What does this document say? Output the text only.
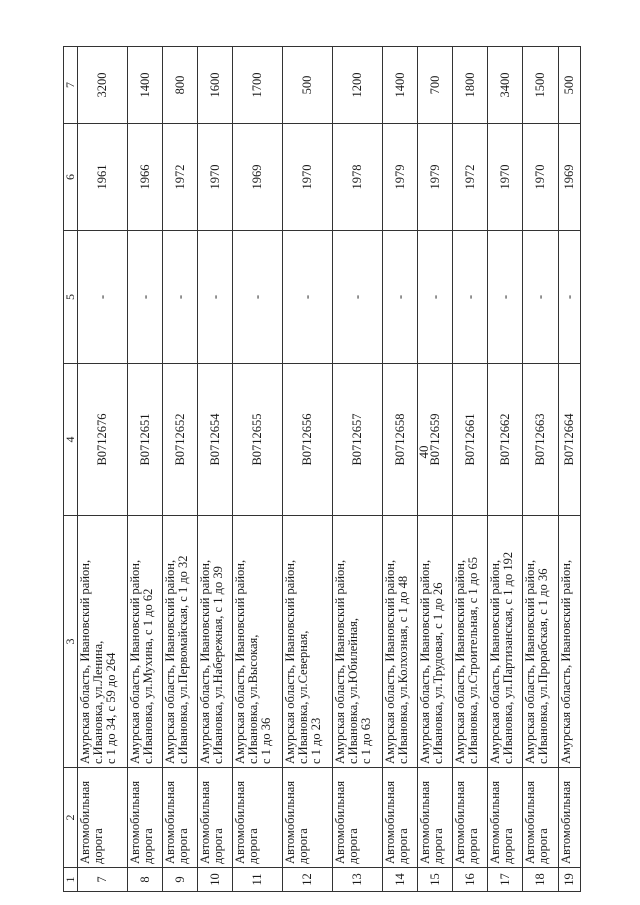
40
1	2	3	4	5	6	7
7	Автомобильная дорога	Амурская область, Ивановский район,
с.Ивановка, ул.Ленина,
с 1 до 34, с 59 до 264	В0712676	-	1961	3200
8	Автомобильная дорога	Амурская область, Ивановский район,
с.Ивановка, ул.Мухина, с 1 до 62	В0712651	-	1966	1400
9	Автомобильная дорога	Амурская область, Ивановский район,
с.Ивановка, ул.Первомайская, с 1 до 32	В0712652	-	1972	800
10	Автомобильная дорога	Амурская область, Ивановский район,
с.Ивановка, ул.Набережная, с 1 до 39	В0712654	-	1970	1600
11	Автомобильная дорога	Амурская область, Ивановский район,
с.Ивановка, ул.Высокая,
с 1 до 36	В0712655	-	1969	1700
12	Автомобильная дорога	Амурская область, Ивановский район,
с.Ивановка, ул.Северная,
с 1 до 23	В0712656	-	1970	500
13	Автомобильная дорога	Амурская область, Ивановский район,
с.Ивановка, ул.Юбилейная,
с 1 до 63	В0712657	-	1978	1200
14	Автомобильная дорога	Амурская область, Ивановский район,
с.Ивановка, ул.Колхозная, с 1 до 48	В0712658	-	1979	1400
15	Автомобильная дорога	Амурская область, Ивановский район,
с.Ивановка, ул.Трудовая, с 1 до 26	В0712659	-	1979	700
16	Автомобильная дорога	Амурская область, Ивановский район,
с.Ивановка, ул.Строительная, с 1 до 65	В0712661	-	1972	1800
17	Автомобильная дорога	Амурская область, Ивановский район,
с.Ивановка, ул.Партизанская, с 1 до 192	В0712662	-	1970	3400
18	Автомобильная дорога	Амурская область, Ивановский район,
с.Ивановка, ул.Прорабская, с 1 до 36	В0712663	-	1970	1500
19	Автомобильная	Амурская область, Ивановский район,	В0712664	-	1969	500
